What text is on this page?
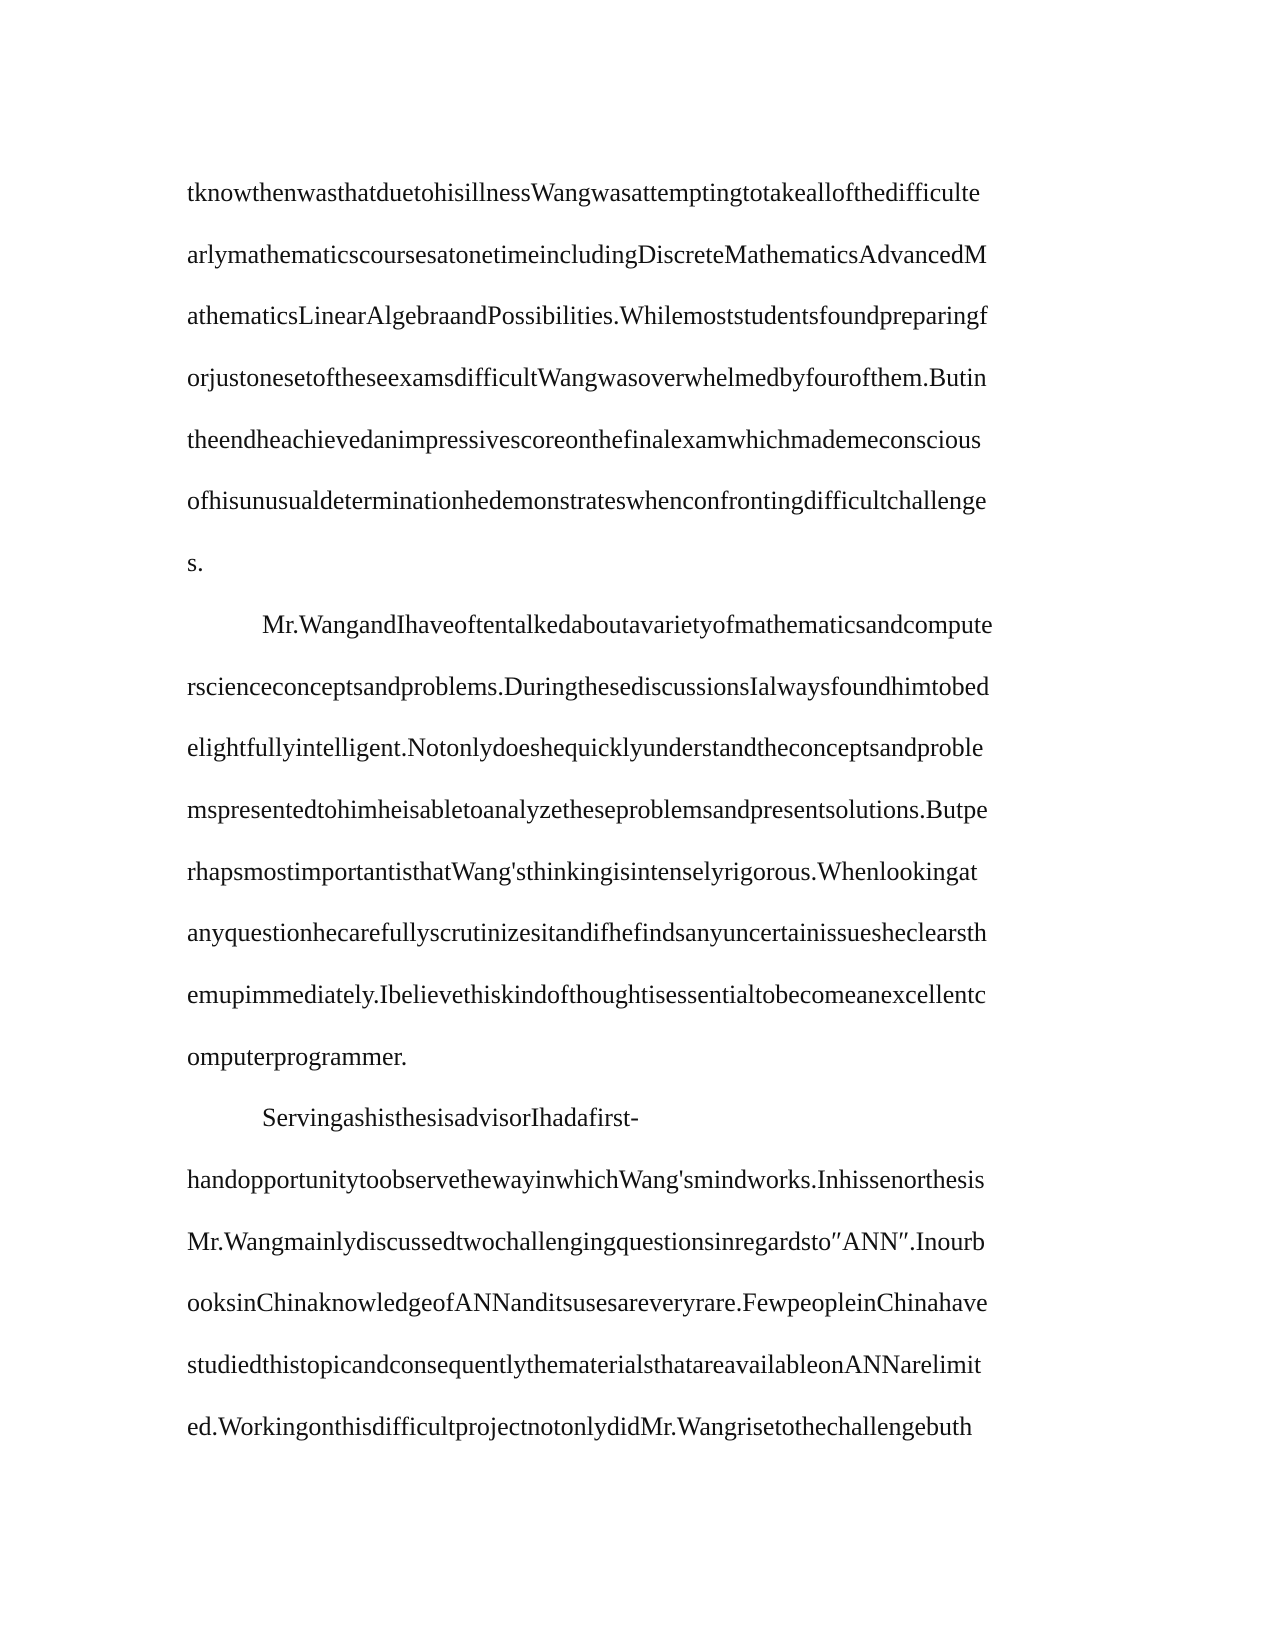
tknowthenwasthatduetohisillnessWangwasattemptingtotakeallofthedifficulte
arlymathematicscoursesatonetimeincludingDiscreteMathematicsAdvancedM
athematicsLinearAlgebraandPossibilities.Whilemoststudentsfoundpreparingf
orjustonesetoftheseexamsdifficultWangwasoverwhelmedbyfourofthem.Butin
theendheachievedanimpressivescoreonthefinalexamwhichmademeconscious
ofhisunusualdeterminationhedemonstrateswhenconfrontingdifficultchallenge
s.
Mr.WangandIhaveoftentalkedaboutavarietyofmathematicsandcompute
rscienceconceptsandproblems.DuringthesediscussionsIalwaysfoundhimtobed
elightfullyintelligent.Notonlydoeshequicklyunderstandtheconceptsandproble
mspresentedtohimheisabletoanalyzetheseproblemsandpresentsolutions.Butpe
rhapsmostimportantisthatWang'sthinkingisintenselyrigorous.Whenlookingat
anyquestionhecarefullyscrutinizesitandifhefindsanyuncertainissuesheclearsth
emupimmediately.Ibelievethiskindofthoughtisessentialtobecomeanexcellentc
omputerprogrammer.
ServingashisthesisadvisorIhadafirst-
handopportunitytoobservethewayinwhichWang'smindworks.Inhissenorthesis
Mr.Wangmainlydiscussedtwochallengingquestionsinregardsto″ANN″.Inourb
ooksinChinaknowledgeofANNanditsusesareveryrare.FewpeopleinChinahave
studiedthistopicandconsequentlythematerialsthatareavailableonANNarelimit
ed.WorkingonthisdifficultprojectnotonlydidMr.Wangrisetothechallengebuth
